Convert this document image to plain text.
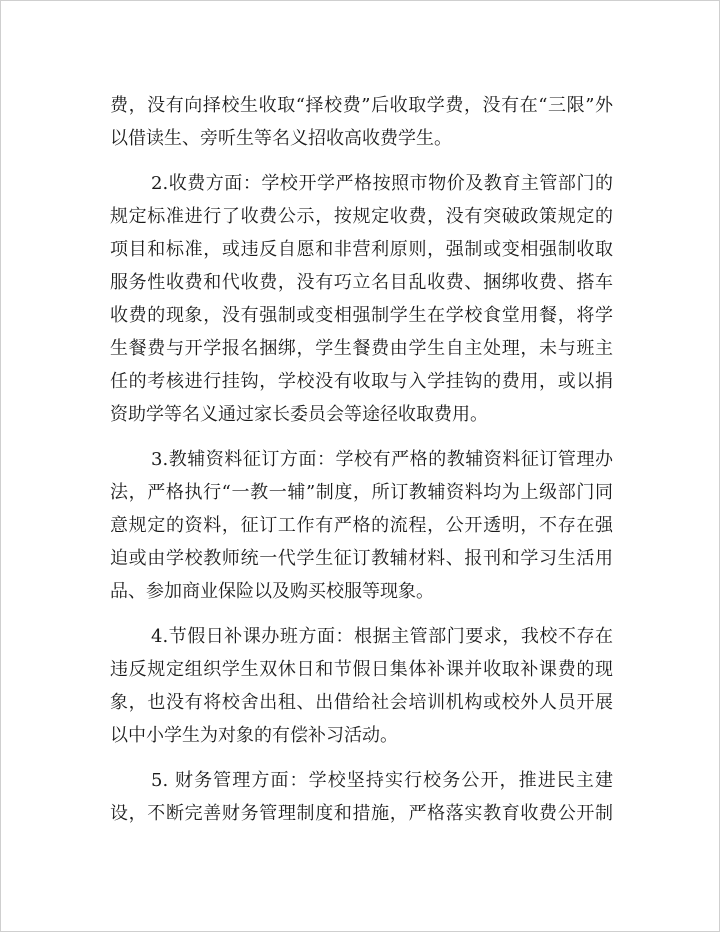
费，没有向择校生收取“择校费”后收取学费，没有在“三限”外
以借读生、旁听生等名义招收高收费学生。
2.收费方面：学校开学严格按照市物价及教育主管部门的
规定标准进行了收费公示，按规定收费，没有突破政策规定的
项目和标准，或违反自愿和非营利原则，强制或变相强制收取
服务性收费和代收费，没有巧立名目乱收费、捆绑收费、搭车
收费的现象，没有强制或变相强制学生在学校食堂用餐，将学
生餐费与开学报名捆绑，学生餐费由学生自主处理，未与班主
任的考核进行挂钩，学校没有收取与入学挂钩的费用，或以捐
资助学等名义通过家长委员会等途径收取费用。
3.教辅资料征订方面：学校有严格的教辅资料征订管理办
法，严格执行“一教一辅”制度，所订教辅资料均为上级部门同
意规定的资料，征订工作有严格的流程，公开透明，不存在强
迫或由学校教师统一代学生征订教辅材料、报刊和学习生活用
品、参加商业保险以及购买校服等现象。
4.节假日补课办班方面：根据主管部门要求，我校不存在
违反规定组织学生双休日和节假日集体补课并收取补课费的现
象，也没有将校舍出租、出借给社会培训机构或校外人员开展
以中小学生为对象的有偿补习活动。
5. 财务管理方面：学校坚持实行校务公开，推进民主建
设，不断完善财务管理制度和措施，严格落实教育收费公开制
